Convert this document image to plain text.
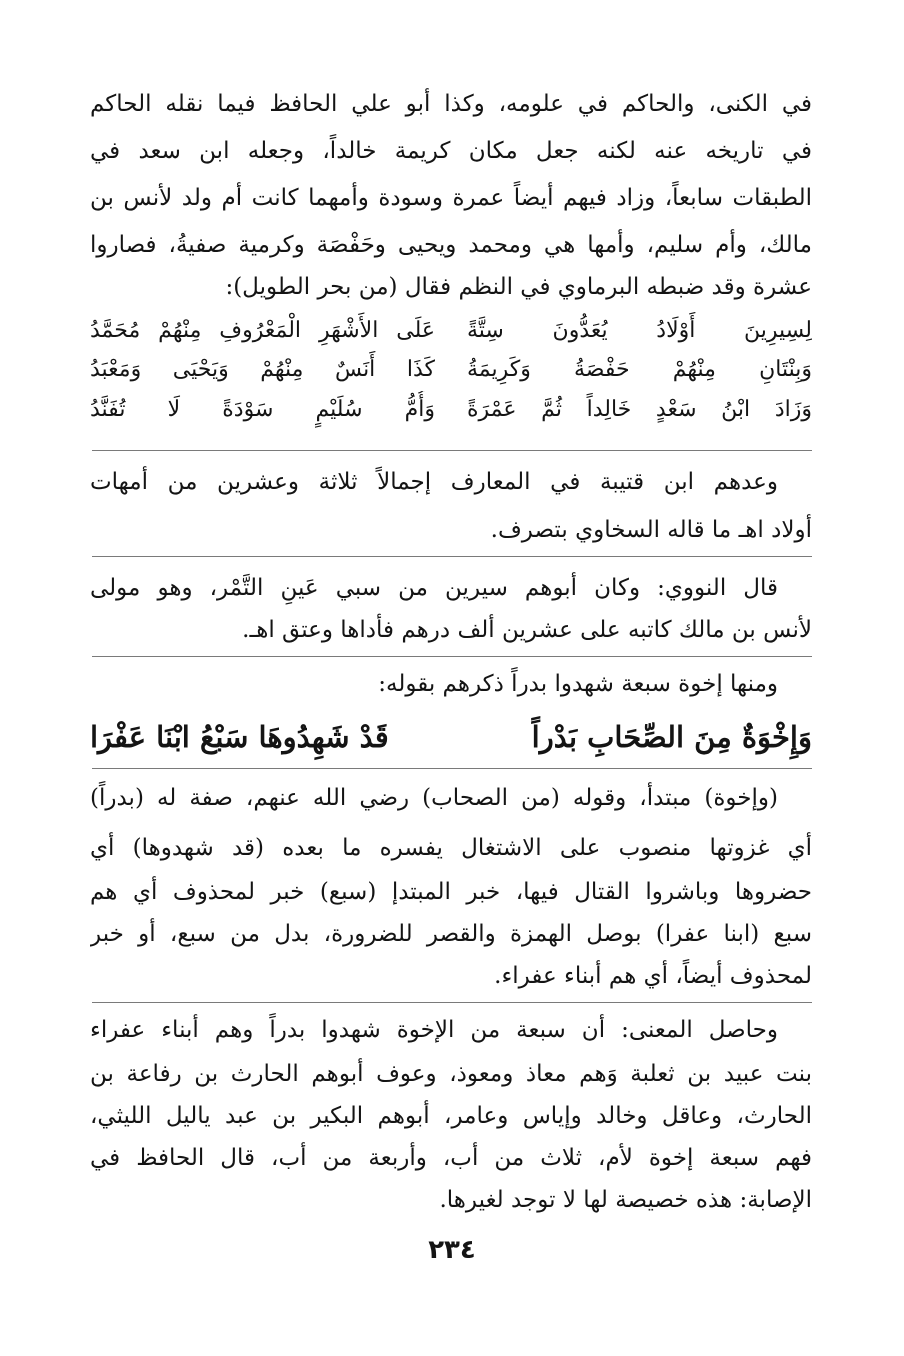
في الكنى، والحاكم في علومه، وكذا أبو علي الحافظ فيما نقله الحاكم
في تاريخه عنه لكنه جعل مكان كريمة خالداً، وجعله ابن سعد في
الطبقات سابعاً، وزاد فيهم أيضاً عمرة وسودة وأمهما كانت أم ولد لأنس بن
مالك، وأم سليم، وأمها هي ومحمد ويحيى وحَفْصَة وكرمية صفيةُ، فصاروا
عشرة وقد ضبطه البرماوي في النظم فقال (من بحر الطويل):
لِسِيرِينَ أَوْلَادُ يُعَدُّونَ سِتَّةً
عَلَى الأَشْهَرِ الْمَعْرُوفِ مِنْهُمْ مُحَمَّدُ
وَبِنْتَانِ مِنْهُمْ حَفْصَةُ وَكَرِيمَةُ
كَذَا أَنَسٌ مِنْهُمْ وَيَحْيَى وَمَعْبَدُ
وَزَادَ ابْنُ سَعْدٍ خَالِداً ثُمَّ عَمْرَةً
وَأُمُّ سُلَيْمٍ سَوْدَةً لَا تُفَنَّدُ
وعدهم ابن قتيبة في المعارف إجمالاً ثلاثة وعشرين من أمهات
أولاد اهـ ما قاله السخاوي بتصرف.
قال النووي: وكان أبوهم سيرين من سبي عَينِ التَّمْر، وهو مولى
لأنس بن مالك كاتبه على عشرين ألف درهم فأداها وعتق اهـ.
ومنها إخوة سبعة شهدوا بدراً ذكرهم بقوله:
وَإِخْوَةٌ مِنَ الصِّحَابِ بَدْراً
قَدْ شَهِدُوهَا سَبْعُ ابْنَا عَفْرَا
(وإخوة) مبتدأ، وقوله (من الصحاب) رضي الله عنهم، صفة له (بدراً)
أي غزوتها منصوب على الاشتغال يفسره ما بعده (قد شهدوها) أي
حضروها وباشروا القتال فيها، خبر المبتدإ (سبع) خبر لمحذوف أي هم
سبع (ابنا عفرا) بوصل الهمزة والقصر للضرورة، بدل من سبع، أو خبر
لمحذوف أيضاً، أي هم أبناء عفراء.
وحاصل المعنى: أن سبعة من الإخوة شهدوا بدراً وهم أبناء عفراء
بنت عبيد بن ثعلبة وَهم معاذ ومعوذ، وعوف أبوهم الحارث بن رفاعة بن
الحارث، وعاقل وخالد وإياس وعامر، أبوهم البكير بن عبد ياليل الليثي،
فهم سبعة إخوة لأم، ثلاث من أب، وأربعة من أب، قال الحافظ في
الإصابة: هذه خصيصة لها لا توجد لغيرها.
٢٣٤
